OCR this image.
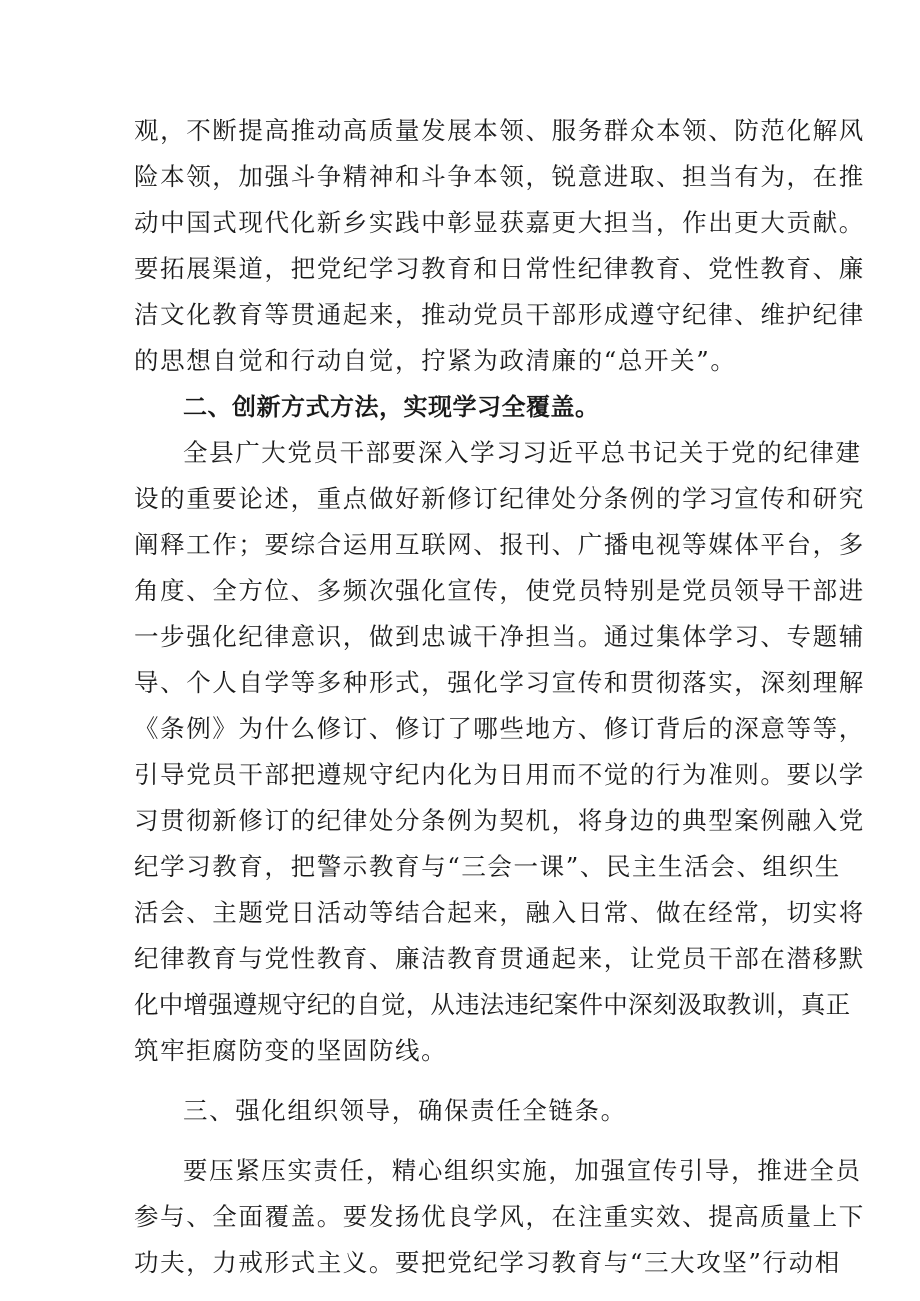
观，不断提高推动高质量发展本领、服务群众本领、防范化解风
险本领，加强斗争精神和斗争本领，锐意进取、担当有为，在推
动中国式现代化新乡实践中彰显获嘉更大担当，作出更大贡献。
要拓展渠道，把党纪学习教育和日常性纪律教育、党性教育、廉
洁文化教育等贯通起来，推动党员干部形成遵守纪律、维护纪律
的思想自觉和行动自觉，拧紧为政清廉的“总开关”。
二、创新方式方法，实现学习全覆盖。
全县广大党员干部要深入学习习近平总书记关于党的纪律建
设的重要论述，重点做好新修订纪律处分条例的学习宣传和研究
阐释工作；要综合运用互联网、报刊、广播电视等媒体平台，多
角度、全方位、多频次强化宣传，使党员特别是党员领导干部进
一步强化纪律意识，做到忠诚干净担当。通过集体学习、专题辅
导、个人自学等多种形式，强化学习宣传和贯彻落实，深刻理解
《条例》为什么修订、修订了哪些地方、修订背后的深意等等，
引导党员干部把遵规守纪内化为日用而不觉的行为准则。要以学
习贯彻新修订的纪律处分条例为契机，将身边的典型案例融入党
纪学习教育，把警示教育与“三会一课”、民主生活会、组织生
活会、主题党日活动等结合起来，融入日常、做在经常，切实将
纪律教育与党性教育、廉洁教育贯通起来，让党员干部在潜移默
化中增强遵规守纪的自觉，从违法违纪案件中深刻汲取教训，真正
筑牢拒腐防变的坚固防线。
三、强化组织领导，确保责任全链条。
要压紧压实责任，精心组织实施，加强宣传引导，推进全员
参与、全面覆盖。要发扬优良学风，在注重实效、提高质量上下
功夫，力戒形式主义。要把党纪学习教育与“三大攻坚”行动相
